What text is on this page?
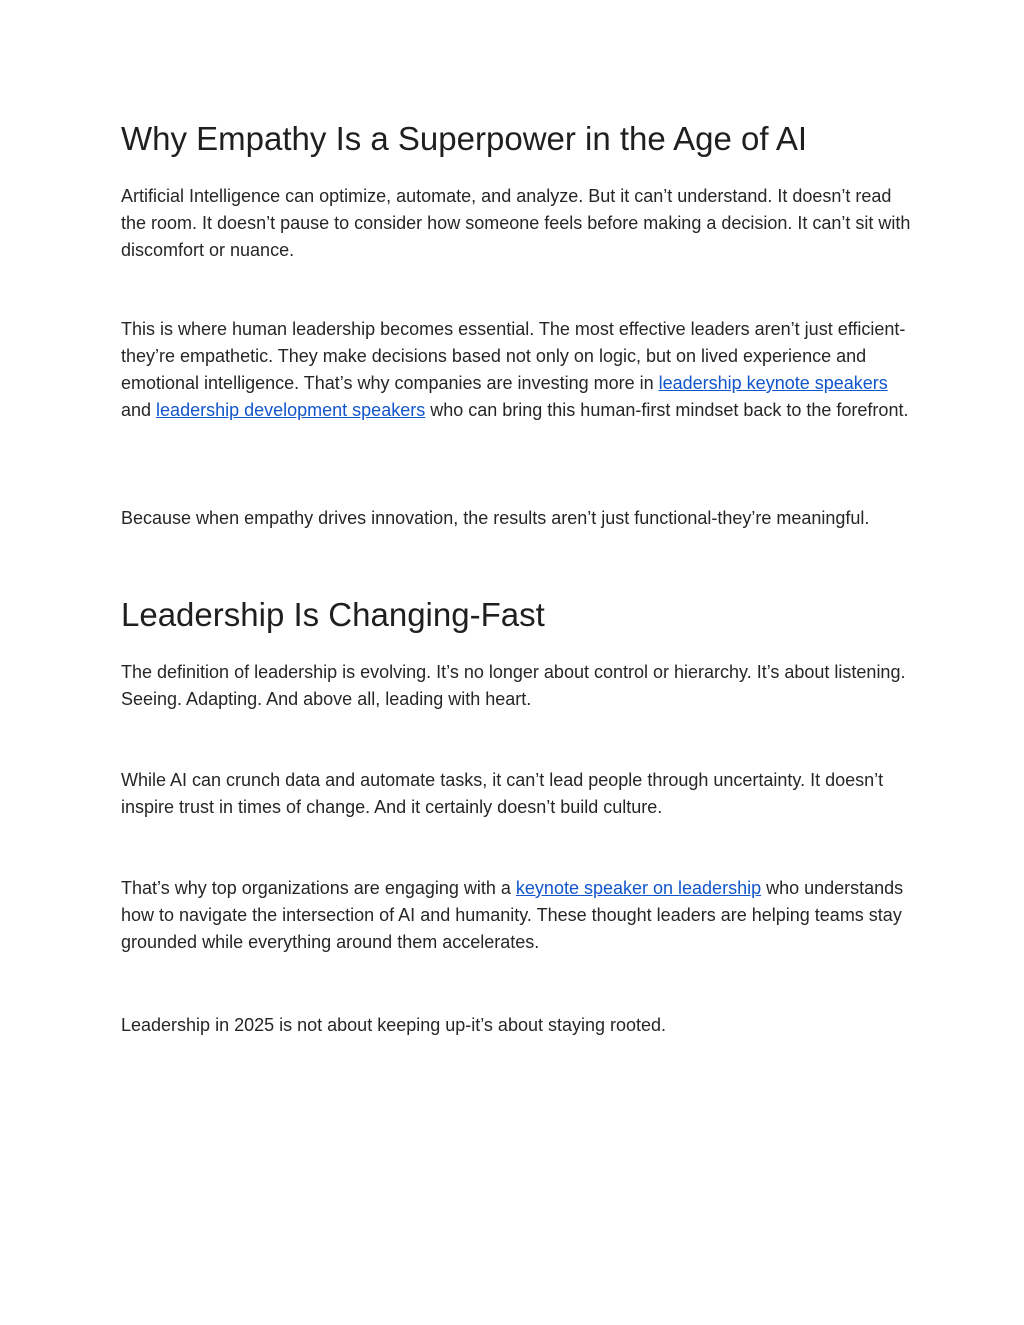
Why Empathy Is a Superpower in the Age of AI

Artificial Intelligence can optimize, automate, and analyze. But it can’t understand. It doesn’t read the room. It doesn’t pause to consider how someone feels before making a decision. It can’t sit with discomfort or nuance.

This is where human leadership becomes essential. The most effective leaders aren’t just efficient-they’re empathetic. They make decisions based not only on logic, but on lived experience and emotional intelligence. That’s why companies are investing more in leadership keynote speakers and leadership development speakers who can bring this human-first mindset back to the forefront.

Because when empathy drives innovation, the results aren’t just functional-they’re meaningful.

Leadership Is Changing-Fast

The definition of leadership is evolving. It’s no longer about control or hierarchy. It’s about listening. Seeing. Adapting. And above all, leading with heart.

While AI can crunch data and automate tasks, it can’t lead people through uncertainty. It doesn’t inspire trust in times of change. And it certainly doesn’t build culture.

That’s why top organizations are engaging with a keynote speaker on leadership who understands how to navigate the intersection of AI and humanity. These thought leaders are helping teams stay grounded while everything around them accelerates.

Leadership in 2025 is not about keeping up-it’s about staying rooted.
